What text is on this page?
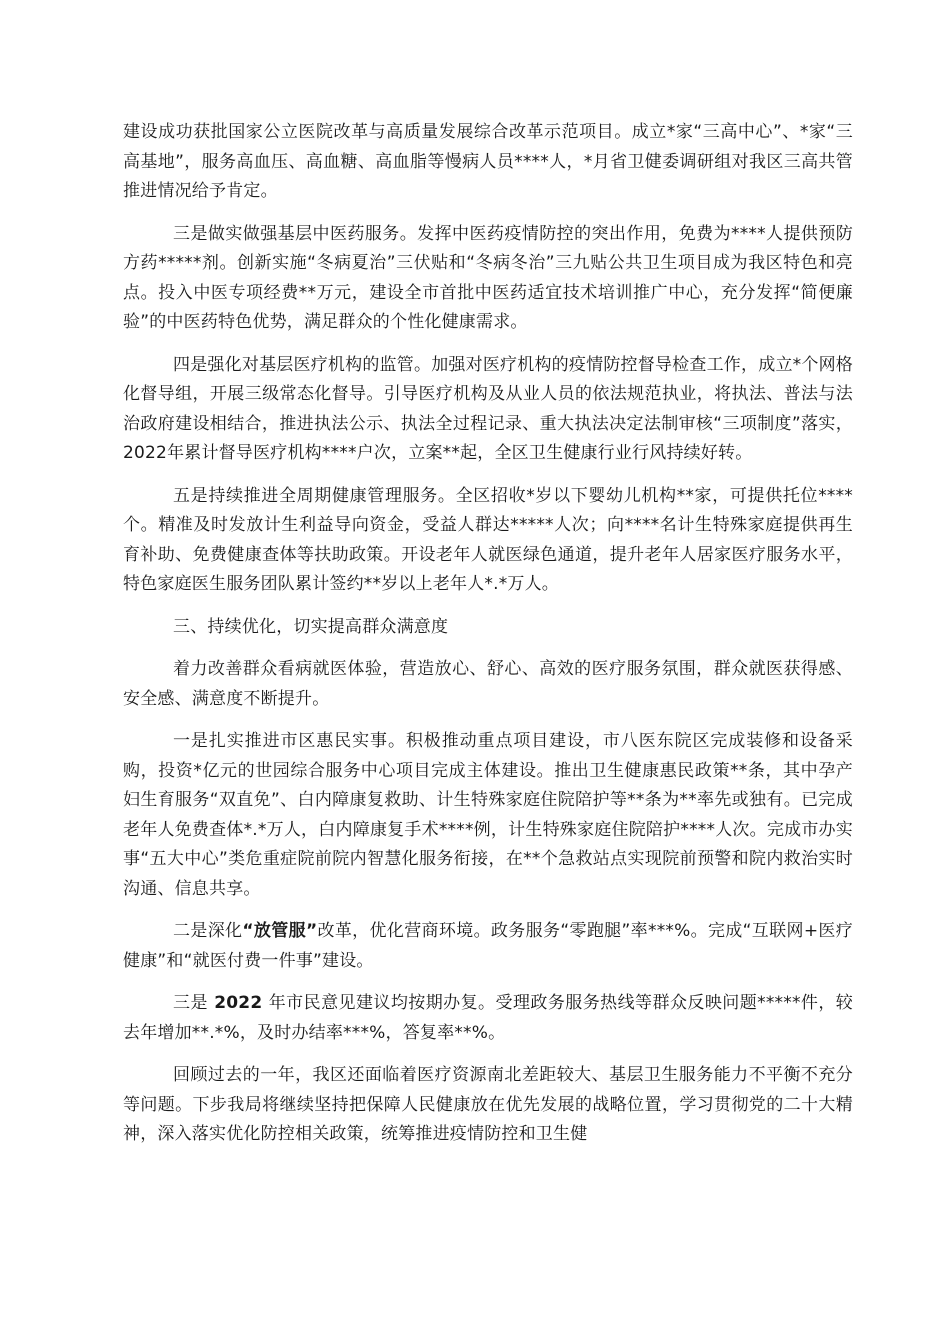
建设成功获批国家公立医院改革与高质量发展综合改革示范项目。成立*家“三高中心”、*家“三高基地”，服务高血压、高血糖、高血脂等慢病人员****人，*月省卫健委调研组对我区三高共管推进情况给予肯定。

三是做实做强基层中医药服务。发挥中医药疫情防控的突出作用，免费为****人提供预防方药*****剂。创新实施“冬病夏治”三伏贴和“冬病冬治”三九贴公共卫生项目成为我区特色和亮点。投入中医专项经费**万元，建设全市首批中医药适宜技术培训推广中心，充分发挥“简便廉验”的中医药特色优势，满足群众的个性化健康需求。

四是强化对基层医疗机构的监管。加强对医疗机构的疫情防控督导检查工作，成立*个网格化督导组，开展三级常态化督导。引导医疗机构及从业人员的依法规范执业，将执法、普法与法治政府建设相结合，推进执法公示、执法全过程记录、重大执法决定法制审核“三项制度”落实，2022年累计督导医疗机构****户次，立案**起，全区卫生健康行业行风持续好转。

五是持续推进全周期健康管理服务。全区招收*岁以下婴幼儿机构**家，可提供托位****个。精准及时发放计生利益导向资金，受益人群达*****人次；向****名计生特殊家庭提供再生育补助、免费健康查体等扶助政策。开设老年人就医绿色通道，提升老年人居家医疗服务水平，特色家庭医生服务团队累计签约**岁以上老年人*.*万人。

三、持续优化，切实提高群众满意度

着力改善群众看病就医体验，营造放心、舒心、高效的医疗服务氛围，群众就医获得感、安全感、满意度不断提升。

一是扎实推进市区惠民实事。积极推动重点项目建设，市八医东院区完成装修和设备采购，投资*亿元的世园综合服务中心项目完成主体建设。推出卫生健康惠民政策**条，其中孕产妇生育服务“双直免”、白内障康复救助、计生特殊家庭住院陪护等**条为**率先或独有。已完成老年人免费查体*.*万人，白内障康复手术****例，计生特殊家庭住院陪护****人次。完成市办实事“五大中心”类危重症院前院内智慧化服务衔接，在**个急救站点实现院前预警和院内救治实时沟通、信息共享。

二是深化“放管服”改革，优化营商环境。政务服务“零跑腿”率***%。完成“互联网+医疗健康”和“就医付费一件事”建设。

三是 2022 年市民意见建议均按期办复。受理政务服务热线等群众反映问题*****件，较去年增加**.*%，及时办结率***%，答复率**%。

回顾过去的一年，我区还面临着医疗资源南北差距较大、基层卫生服务能力不平衡不充分等问题。下步我局将继续坚持把保障人民健康放在优先发展的战略位置，学习贯彻党的二十大精神，深入落实优化防控相关政策，统筹推进疫情防控和卫生健
